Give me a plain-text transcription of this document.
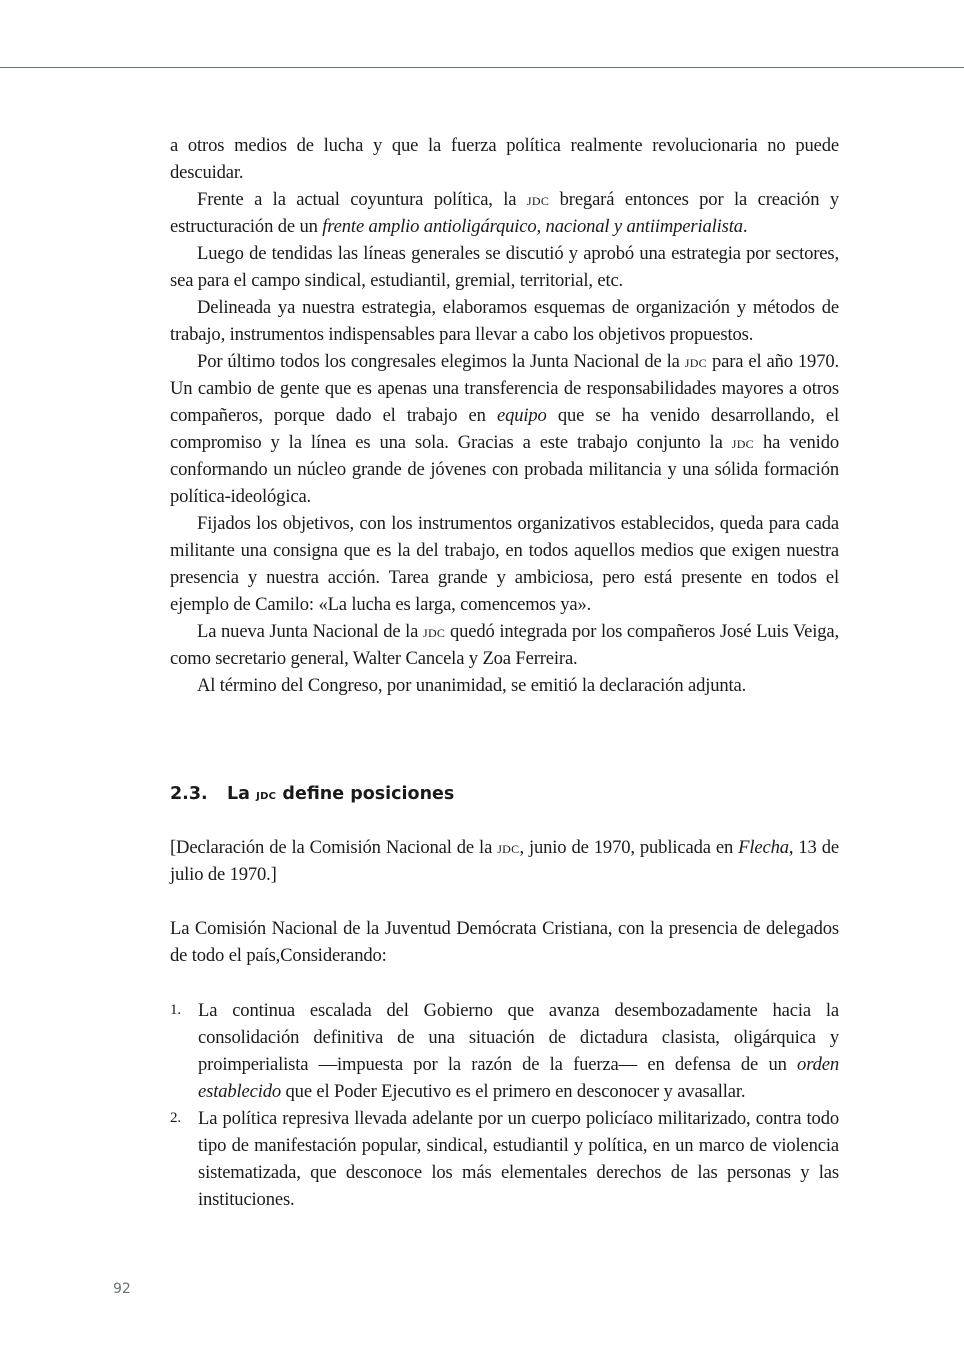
a otros medios de lucha y que la fuerza política realmente revolucionaria no puede descuidar.

Frente a la actual coyuntura política, la jdc bregará entonces por la creación y estructuración de un frente amplio antioligárquico, nacional y antiimperialista.

Luego de tendidas las líneas generales se discutió y aprobó una estrategia por sectores, sea para el campo sindical, estudiantil, gremial, territorial, etc.

Delineada ya nuestra estrategia, elaboramos esquemas de organización y métodos de trabajo, instrumentos indispensables para llevar a cabo los objetivos propuestos.

Por último todos los congresales elegimos la Junta Nacional de la jdc para el año 1970. Un cambio de gente que es apenas una transferencia de responsabilidades mayores a otros compañeros, porque dado el trabajo en equipo que se ha venido desarrollando, el compromiso y la línea es una sola. Gracias a este trabajo conjunto la jdc ha venido conformando un núcleo grande de jóvenes con probada militancia y una sólida formación política-ideológica.

Fijados los objetivos, con los instrumentos organizativos establecidos, queda para cada militante una consigna que es la del trabajo, en todos aquellos medios que exigen nuestra presencia y nuestra acción. Tarea grande y ambiciosa, pero está presente en todos el ejemplo de Camilo: «La lucha es larga, comencemos ya».

La nueva Junta Nacional de la jdc quedó integrada por los compañeros José Luis Veiga, como secretario general, Walter Cancela y Zoa Ferreira.

Al término del Congreso, por unanimidad, se emitió la declaración adjunta.

2.3.	La jdc define posiciones

[Declaración de la Comisión Nacional de la jdc, junio de 1970, publicada en Flecha, 13 de julio de 1970.]

La Comisión Nacional de la Juventud Demócrata Cristiana, con la presencia de delegados de todo el país,Considerando:

1. La continua escalada del Gobierno que avanza desembozadamente hacia la consolidación definitiva de una situación de dictadura clasista, oligárquica y proimperialista —impuesta por la razón de la fuerza— en defensa de un orden establecido que el Poder Ejecutivo es el primero en desconocer y avasallar.
2. La política represiva llevada adelante por un cuerpo policíaco militarizado, contra todo tipo de manifestación popular, sindical, estudiantil y política, en un marco de violencia sistematizada, que desconoce los más elementales derechos de las personas y las instituciones.
92
